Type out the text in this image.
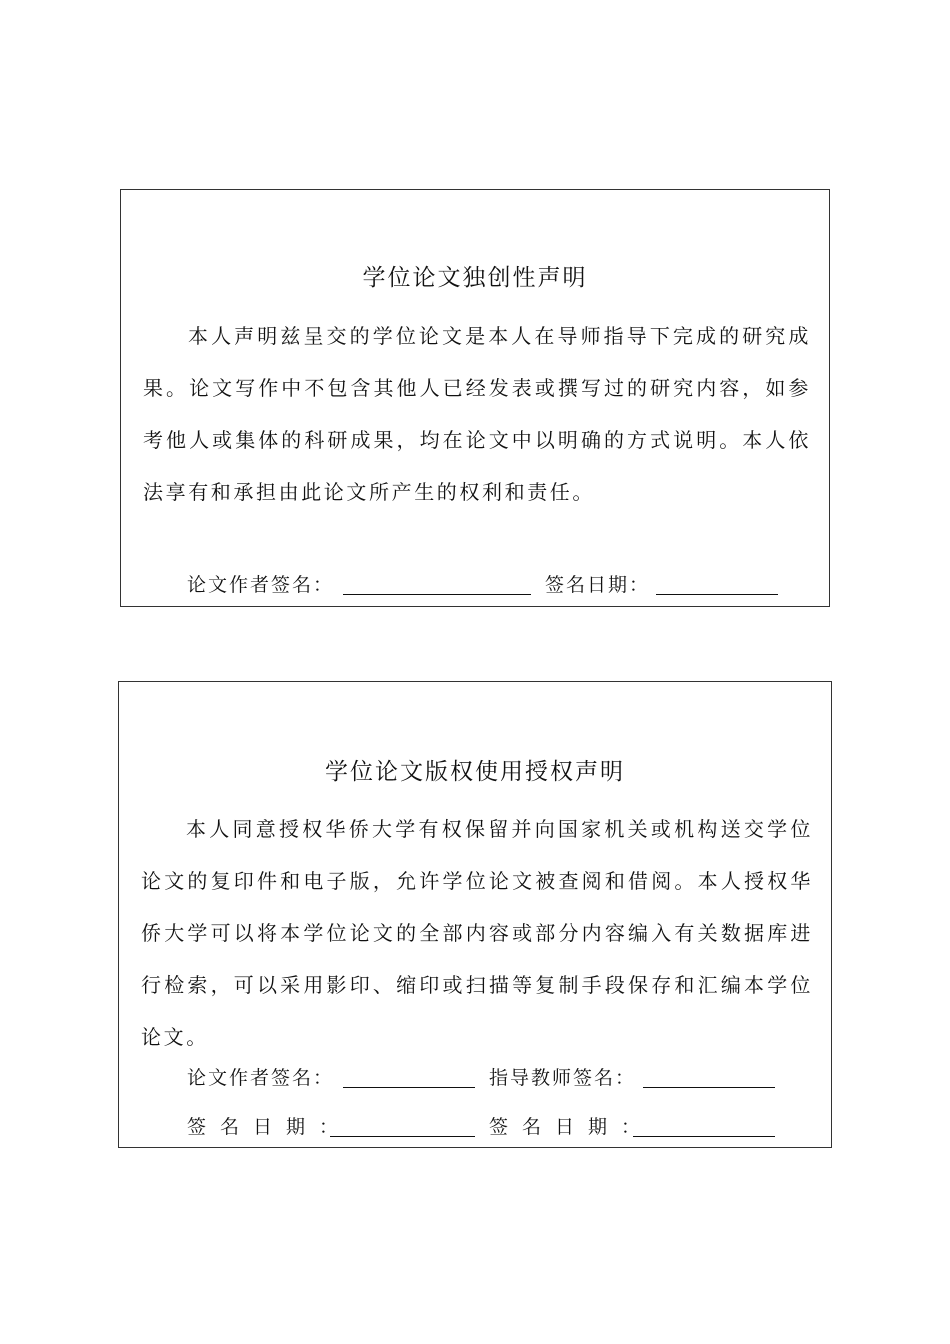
学位论文独创性声明

本人声明兹呈交的学位论文是本人在导师指导下完成的研究成果。论文写作中不包含其他人已经发表或撰写过的研究内容，如参考他人或集体的科研成果，均在论文中以明确的方式说明。本人依法享有和承担由此论文所产生的权利和责任。

论文作者签名：	签名日期：
学位论文版权使用授权声明

本人同意授权华侨大学有权保留并向国家机关或机构送交学位论文的复印件和电子版，允许学位论文被查阅和借阅。本人授权华侨大学可以将本学位论文的全部内容或部分内容编入有关数据库进行检索，可以采用影印、缩印或扫描等复制手段保存和汇编本学位论文。

论文作者签名：	指导教师签名：
签名日期：	签名日期：
